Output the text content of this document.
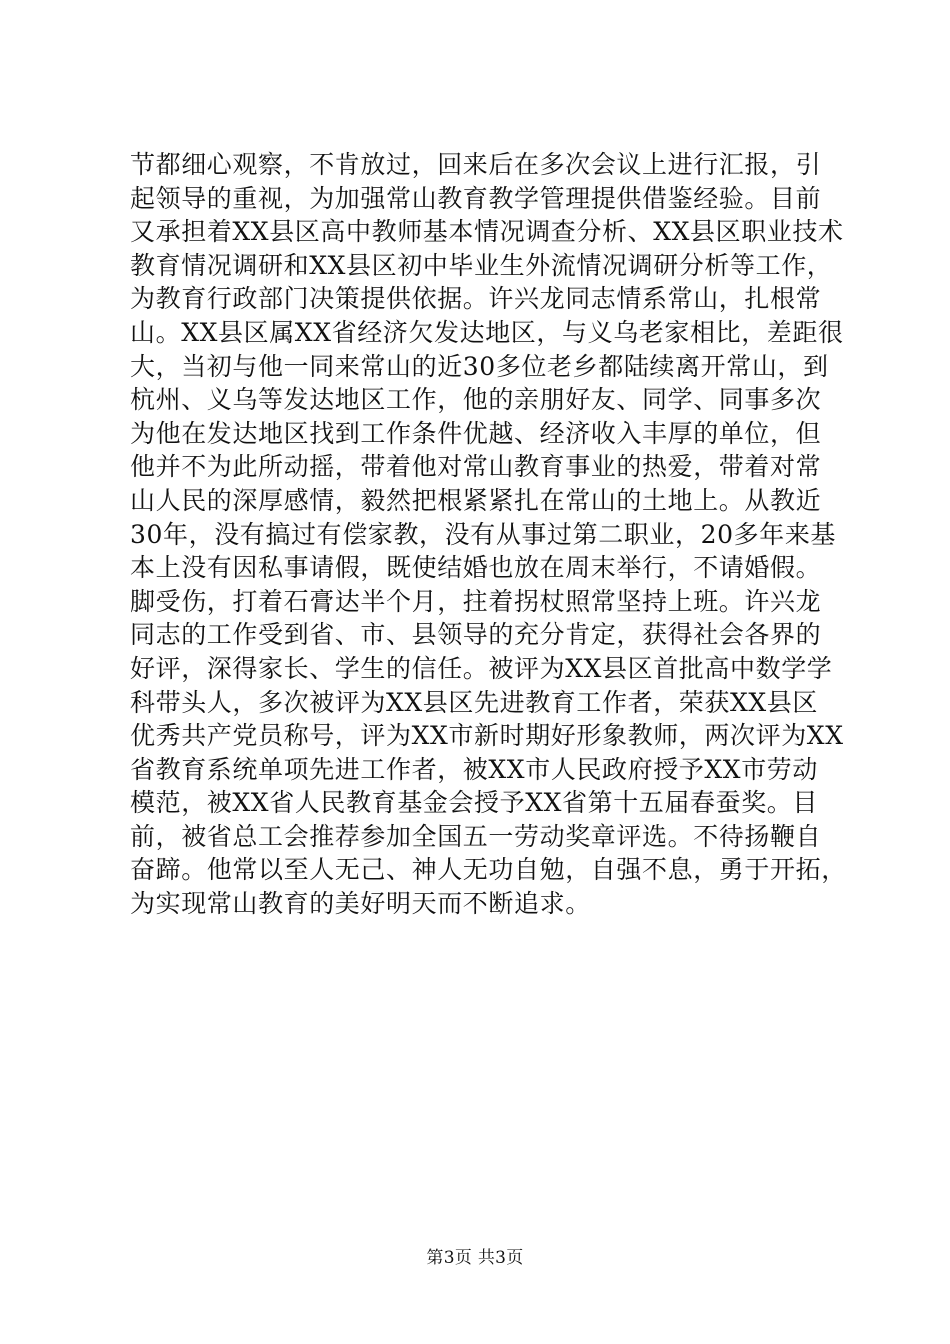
节都细心观察，不肯放过，回来后在多次会议上进行汇报，引
起领导的重视，为加强常山教育教学管理提供借鉴经验。目前
又承担着XX县区高中教师基本情况调查分析、XX县区职业技术
教育情况调研和XX县区初中毕业生外流情况调研分析等工作，
为教育行政部门决策提供依据。许兴龙同志情系常山，扎根常
山。XX县区属XX省经济欠发达地区，与义乌老家相比，差距很
大，当初与他一同来常山的近30多位老乡都陆续离开常山，到
杭州、义乌等发达地区工作，他的亲朋好友、同学、同事多次
为他在发达地区找到工作条件优越、经济收入丰厚的单位，但
他并不为此所动摇，带着他对常山教育事业的热爱，带着对常
山人民的深厚感情，毅然把根紧紧扎在常山的土地上。从教近
30年，没有搞过有偿家教，没有从事过第二职业，20多年来基
本上没有因私事请假，既使结婚也放在周末举行，不请婚假。
脚受伤，打着石膏达半个月，拄着拐杖照常坚持上班。许兴龙
同志的工作受到省、市、县领导的充分肯定，获得社会各界的
好评，深得家长、学生的信任。被评为XX县区首批高中数学学
科带头人，多次被评为XX县区先进教育工作者，荣获XX县区
优秀共产党员称号，评为XX市新时期好形象教师，两次评为XX
省教育系统单项先进工作者，被XX市人民政府授予XX市劳动
模范，被XX省人民教育基金会授予XX省第十五届春蚕奖。目
前，被省总工会推荐参加全国五一劳动奖章评选。不待扬鞭自
奋蹄。他常以至人无己、神人无功自勉，自强不息，勇于开拓，
为实现常山教育的美好明天而不断追求。
第3页 共3页
